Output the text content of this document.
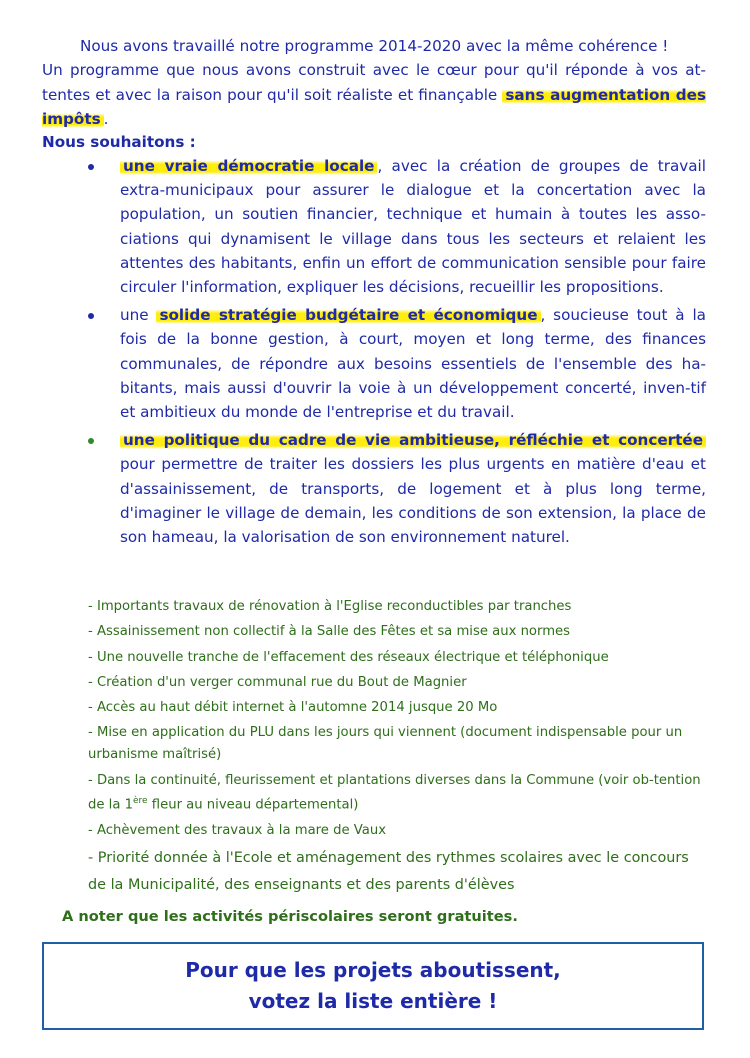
Nous avons travaillé notre programme 2014-2020 avec la même cohérence !
Un programme que nous avons construit avec le cœur pour qu'il réponde à vos at-tentes et avec la raison pour qu'il soit réaliste et finançable sans augmentation des impôts .
Nous souhaitons :
une vraie démocratie locale , avec la création de groupes de travail extra-municipaux pour assurer le dialogue et la concertation avec la population, un soutien financier, technique et humain à toutes les asso-ciations qui dynamisent le village dans tous les secteurs et relaient les attentes des habitants, enfin un effort de communication sensible pour faire circuler l'information, expliquer les décisions, recueillir les propositions.
une solide stratégie budgétaire et économique , soucieuse tout à la fois de la bonne gestion, à court, moyen et long terme, des finances communales, de répondre aux besoins essentiels de l'ensemble des ha-bitants, mais aussi d'ouvrir la voie à un développement concerté, inven-tif et ambitieux du monde de l'entreprise et du travail.
une politique du cadre de vie ambitieuse, réfléchie et concertée pour permettre de traiter les dossiers les plus urgents en matière d'eau et d'assainissement, de transports, de logement et à plus long terme, d'imaginer le village de demain, les conditions de son extension, la place de son hameau, la valorisation de son environnement naturel.
- Importants travaux de rénovation à l'Eglise reconductibles par tranches
- Assainissement non collectif à la Salle des Fêtes et sa mise aux normes
- Une nouvelle tranche de l'effacement des réseaux électrique et téléphonique
- Création d'un verger communal rue du Bout de Magnier
- Accès au haut débit internet à l'automne 2014 jusque 20 Mo
- Mise en application du PLU dans les jours qui viennent (document indispensable pour un urbanisme maîtrisé)
- Dans la continuité, fleurissement et plantations diverses dans la Commune (voir ob-tention de la 1ère fleur au niveau départemental)
- Achèvement des travaux à la mare de Vaux
- Priorité donnée à l'Ecole et aménagement des rythmes scolaires avec le concours de la Municipalité, des enseignants et des parents d'élèves
A noter que les activités périscolaires seront gratuites.
Pour que les projets aboutissent,
votez la liste entière !
